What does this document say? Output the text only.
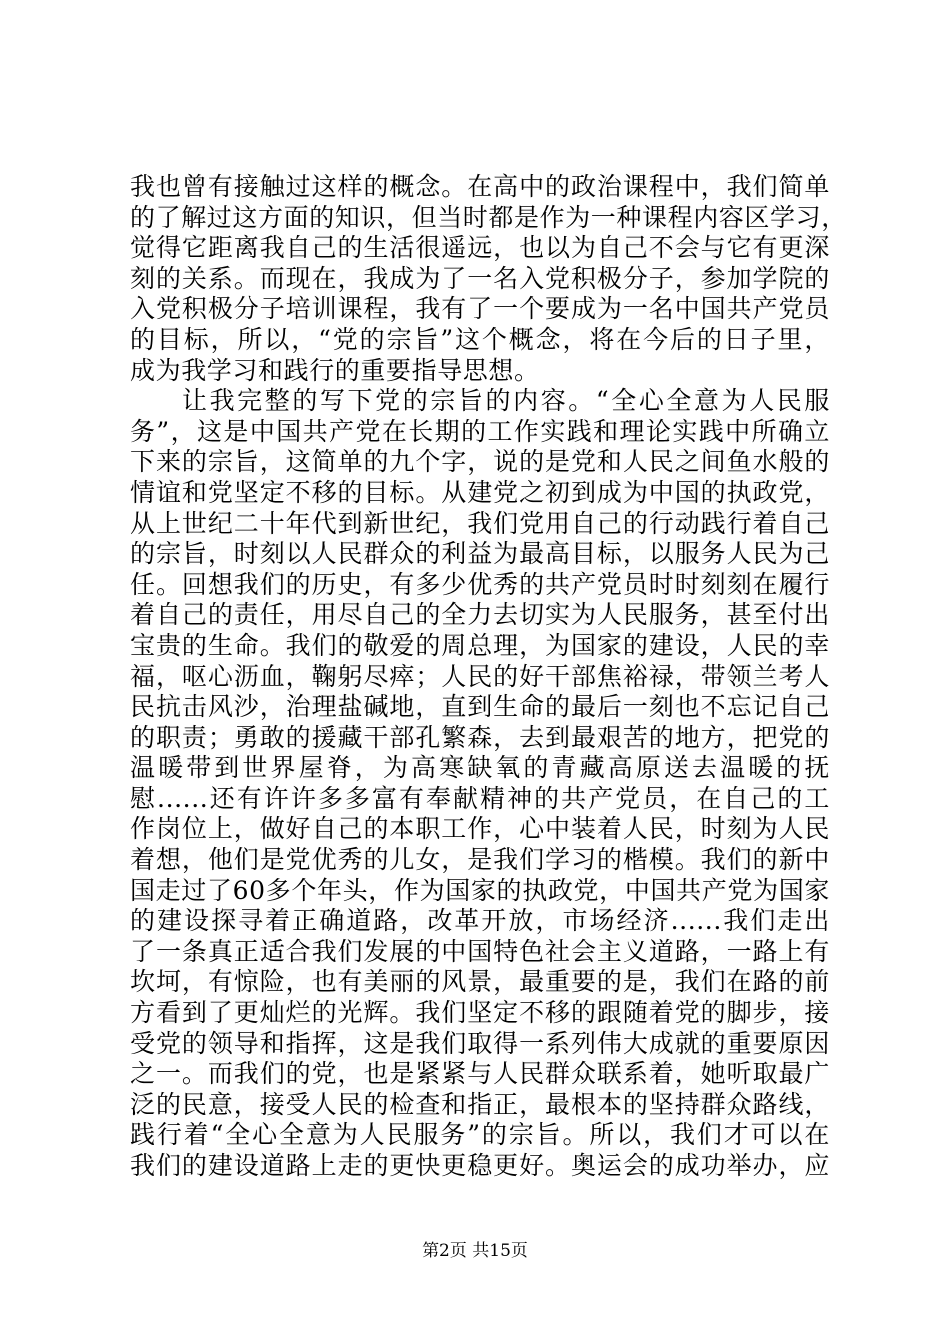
我也曾有接触过这样的概念。在高中的政治课程中，我们简单
的了解过这方面的知识，但当时都是作为一种课程内容区学习，
觉得它距离我自己的生活很遥远，也以为自己不会与它有更深
刻的关系。而现在，我成为了一名入党积极分子，参加学院的
入党积极分子培训课程，我有了一个要成为一名中国共产党员
的目标，所以，“党的宗旨”这个概念，将在今后的日子里，
成为我学习和践行的重要指导思想。
让我完整的写下党的宗旨的内容。“全心全意为人民服
务”，这是中国共产党在长期的工作实践和理论实践中所确立
下来的宗旨，这简单的九个字，说的是党和人民之间鱼水般的
情谊和党坚定不移的目标。从建党之初到成为中国的执政党，
从上世纪二十年代到新世纪，我们党用自己的行动践行着自己
的宗旨，时刻以人民群众的利益为最高目标，以服务人民为己
任。回想我们的历史，有多少优秀的共产党员时时刻刻在履行
着自己的责任，用尽自己的全力去切实为人民服务，甚至付出
宝贵的生命。我们的敬爱的周总理，为国家的建设，人民的幸
福，呕心沥血，鞠躬尽瘁；人民的好干部焦裕禄，带领兰考人
民抗击风沙，治理盐碱地，直到生命的最后一刻也不忘记自己
的职责；勇敢的援藏干部孔繁森，去到最艰苦的地方，把党的
温暖带到世界屋脊，为高寒缺氧的青藏高原送去温暖的抚
慰......还有许许多多富有奉献精神的共产党员，在自己的工
作岗位上，做好自己的本职工作，心中装着人民，时刻为人民
着想，他们是党优秀的儿女，是我们学习的楷模。我们的新中
国走过了60多个年头，作为国家的执政党，中国共产党为国家
的建设探寻着正确道路，改革开放，市场经济......我们走出
了一条真正适合我们发展的中国特色社会主义道路，一路上有
坎坷，有惊险，也有美丽的风景，最重要的是，我们在路的前
方看到了更灿烂的光辉。我们坚定不移的跟随着党的脚步，接
受党的领导和指挥，这是我们取得一系列伟大成就的重要原因
之一。而我们的党，也是紧紧与人民群众联系着，她听取最广
泛的民意，接受人民的检查和指正，最根本的坚持群众路线，
践行着“全心全意为人民服务”的宗旨。所以，我们才可以在
我们的建设道路上走的更快更稳更好。奥运会的成功举办，应
第2页 共15页
